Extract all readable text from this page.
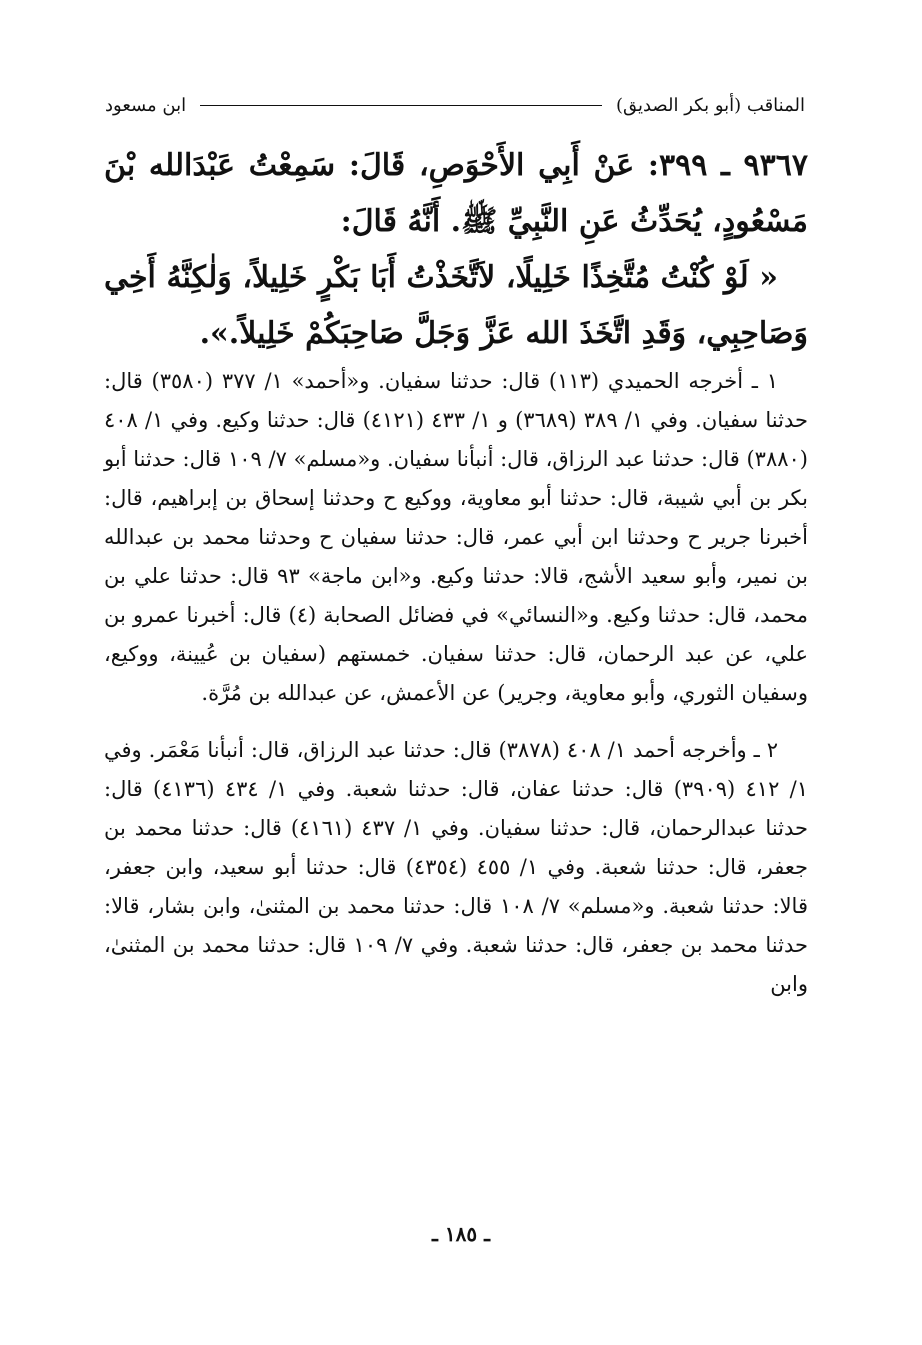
المناقب (أبو بكر الصديق)
ابن مسعود

٩٣٦٧ ـ ٣٩٩: عَنْ أَبِي الأَحْوَصِ، قَالَ: سَمِعْتُ عَبْدَالله بْنَ مَسْعُودٍ، يُحَدِّثُ عَنِ النَّبِيِّ ﷺ. أَنَّهُ قَالَ:

« لَوْ كُنْتُ مُتَّخِذًا خَلِيلًا، لاَتَّخَذْتُ أَبَا بَكْرٍ خَلِيلاً، وَلٰكِنَّهُ أَخِي وَصَاحِبِي، وَقَدِ اتَّخَذَ الله عَزَّ وَجَلَّ صَاحِبَكُمْ خَلِيلاً.».

١ ـ أخرجه الحميدي (١١٣) قال: حدثنا سفيان. و«أحمد» ١/ ٣٧٧ (٣٥٨٠) قال: حدثنا سفيان. وفي ١/ ٣٨٩ (٣٦٨٩) و ١/ ٤٣٣ (٤١٢١) قال: حدثنا وكيع. وفي ١/ ٤٠٨ (٣٨٨٠) قال: حدثنا عبد الرزاق، قال: أنبأنا سفيان. و«مسلم» ٧/ ١٠٩ قال: حدثنا أبو بكر بن أبي شيبة، قال: حدثنا أبو معاوية، ووكيع ح وحدثنا إسحاق بن إبراهيم، قال: أخبرنا جرير ح وحدثنا ابن أبي عمر، قال: حدثنا سفيان ح وحدثنا محمد بن عبدالله بن نمير، وأبو سعيد الأشج، قالا: حدثنا وكيع. و«ابن ماجة» ٩٣ قال: حدثنا علي بن محمد، قال: حدثنا وكيع. و«النسائي» في فضائل الصحابة (٤) قال: أخبرنا عمرو بن علي، عن عبد الرحمان، قال: حدثنا سفيان. خمستهم (سفيان بن عُيينة، ووكيع، وسفيان الثوري، وأبو معاوية، وجرير) عن الأعمش، عن عبدالله بن مُرَّة.

٢ ـ وأخرجه أحمد ١/ ٤٠٨ (٣٨٧٨) قال: حدثنا عبد الرزاق، قال: أنبأنا مَعْمَر. وفي ١/ ٤١٢ (٣٩٠٩) قال: حدثنا عفان، قال: حدثنا شعبة. وفي ١/ ٤٣٤ (٤١٣٦) قال: حدثنا عبدالرحمان، قال: حدثنا سفيان. وفي ١/ ٤٣٧ (٤١٦١) قال: حدثنا محمد بن جعفر، قال: حدثنا شعبة. وفي ١/ ٤٥٥ (٤٣٥٤) قال: حدثنا أبو سعيد، وابن جعفر، قالا: حدثنا شعبة. و«مسلم» ٧/ ١٠٨ قال: حدثنا محمد بن المثنىٰ، وابن بشار، قالا: حدثنا محمد بن جعفر، قال: حدثنا شعبة. وفي ٧/ ١٠٩ قال: حدثنا محمد بن المثنىٰ، وابن

ـ ١٨٥ ـ
